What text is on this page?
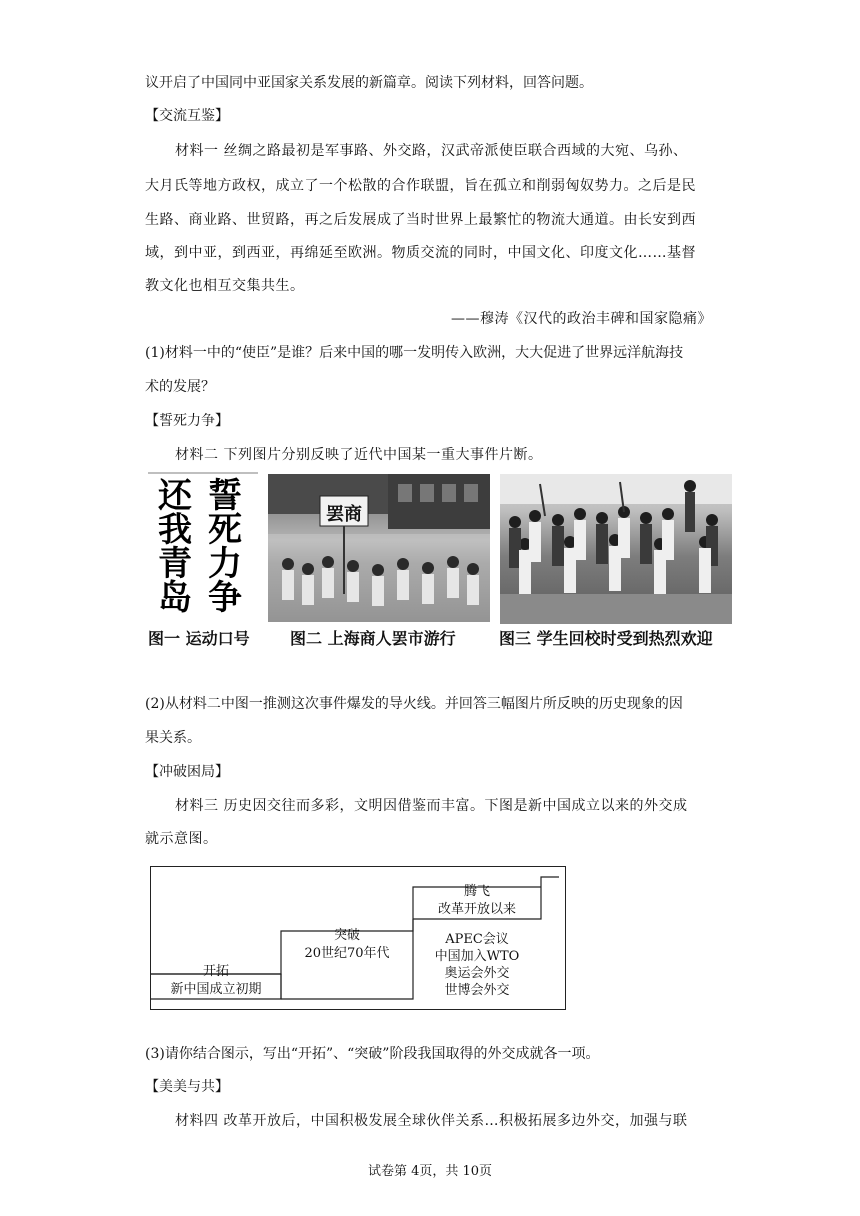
议开启了中国同中亚国家关系发展的新篇章。阅读下列材料，回答问题。
【交流互鉴】
材料一 丝绸之路最初是军事路、外交路，汉武帝派使臣联合西域的大宛、乌孙、
大月氏等地方政权，成立了一个松散的合作联盟，旨在孤立和削弱匈奴势力。之后是民
生路、商业路、世贸路，再之后发展成了当时世界上最繁忙的物流大通道。由长安到西
域，到中亚，到西亚，再绵延至欧洲。物质交流的同时，中国文化、印度文化……基督
教文化也相互交集共生。
——穆涛《汉代的政治丰碑和国家隐痛》
(1)材料一中的“使臣”是谁？后来中国的哪一发明传入欧洲，大大促进了世界远洋航海技
术的发展？
【誓死力争】
材料二 下列图片分别反映了近代中国某一重大事件片断。
还
我
青
岛
誓
死
力
争
罢商
图一 运动口号	图二 上海商人罢市游行	图三 学生回校时受到热烈欢迎
(2)从材料二中图一推测这次事件爆发的导火线。并回答三幅图片所反映的历史现象的因
果关系。
【冲破困局】
材料三 历史因交往而多彩，文明因借鉴而丰富。下图是新中国成立以来的外交成
就示意图。
开拓
新中国成立初期
突破
20世纪70年代
腾飞
改革开放以来
APEC会议
中国加入WTO
奥运会外交
世博会外交
(3)请你结合图示，写出“开拓”、“突破”阶段我国取得的外交成就各一项。
【美美与共】
材料四 改革开放后，中国积极发展全球伙伴关系…积极拓展多边外交，加强与联
试卷第 4页，共 10页
